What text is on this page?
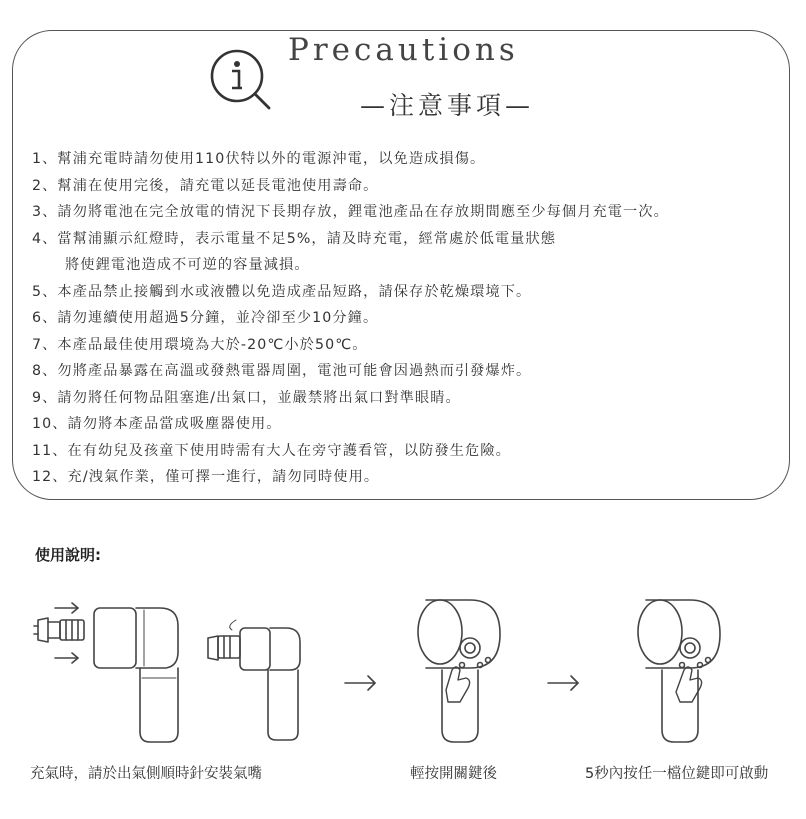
Precautions
—注意事項—
1、幫浦充電時請勿使用110伏特以外的電源沖電，以免造成損傷。
2、幫浦在使用完後，請充電以延長電池使用壽命。
3、請勿將電池在完全放電的情況下長期存放，鋰電池產品在存放期間應至少每個月充電一次。
4、當幫浦顯示紅燈時，表示電量不足5%，請及時充電，經常處於低電量狀態
將使鋰電池造成不可逆的容量減損。
5、本產品禁止接觸到水或液體以免造成產品短路，請保存於乾燥環境下。
6、請勿連續使用超過5分鐘，並冷卻至少10分鐘。
7、本產品最佳使用環境為大於-20℃小於50℃。
8、勿將產品暴露在高溫或發熱電器周圍，電池可能會因過熱而引發爆炸。
9、請勿將任何物品阻塞進/出氣口，並嚴禁將出氣口對準眼睛。
10、請勿將本產品當成吸塵器使用。
11、在有幼兒及孩童下使用時需有大人在旁守護看管，以防發生危險。
12、充/洩氣作業，僅可擇一進行，請勿同時使用。
使用說明:
充氣時，請於出氣側順時針安裝氣嘴	輕按開關鍵後	5秒內按任一檔位鍵即可啟動
